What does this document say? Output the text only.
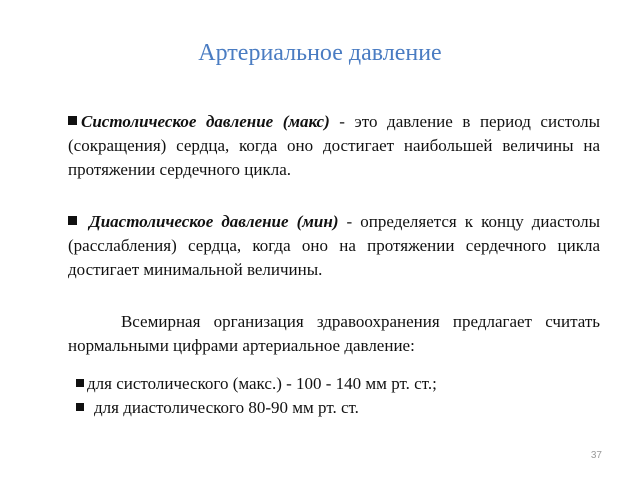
Артериальное давление
Систолическое давление (макс) - это давление в период систолы (сокращения) сердца, когда оно достигает наибольшей величины на протяжении сердечного цикла.
Диастолическое давление (мин) - определяется к концу диастолы (расслабления) сердца, когда оно на протяжении сердечного цикла достигает минимальной величины.
Всемирная организация здравоохранения предлагает считать нормальными цифрами артериальное давление:
для систолического (макс.) - 100 - 140 мм рт. ст.;
для диастолического 80-90 мм рт. ст.
37
